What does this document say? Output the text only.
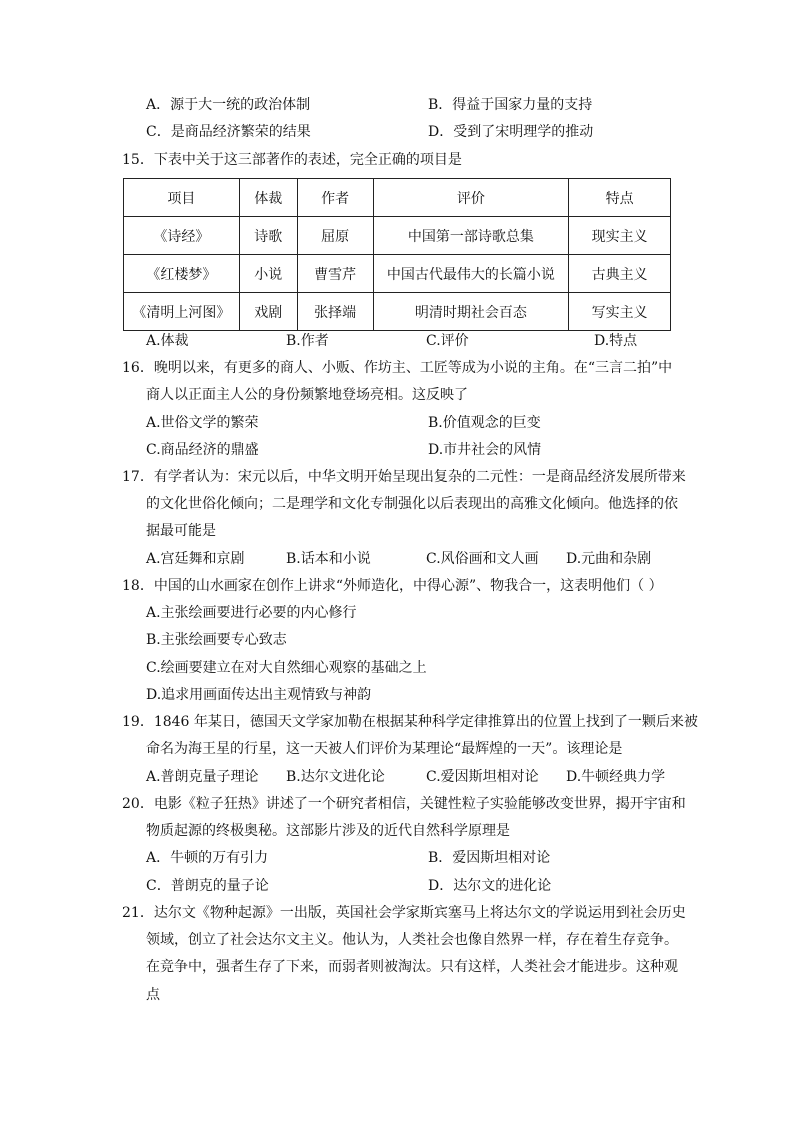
A．源于大一统的政治体制	B．得益于国家力量的支持
C．是商品经济繁荣的结果	D．受到了宋明理学的推动
15．下表中关于这三部著作的表述，完全正确的项目是
项目	体裁	作者	评价	特点
《诗经》	诗歌	屈原	中国第一部诗歌总集	现实主义
《红楼梦》	小说	曹雪芹	中国古代最伟大的长篇小说	古典主义
《清明上河图》	戏剧	张择端	明清时期社会百态	写实主义
A.体裁	B.作者	C.评价	D.特点
16．晚明以来，有更多的商人、小贩、作坊主、工匠等成为小说的主角。在“三言二拍”中
商人以正面主人公的身份频繁地登场亮相。这反映了
A.世俗文学的繁荣	B.价值观念的巨变
C.商品经济的鼎盛	D.市井社会的风情
17．有学者认为：宋元以后，中华文明开始呈现出复杂的二元性：一是商品经济发展所带来
的文化世俗化倾向；二是理学和文化专制强化以后表现出的高雅文化倾向。他选择的依
据最可能是
A.宫廷舞和京剧	B.话本和小说	C.风俗画和文人画 D.元曲和杂剧
18．中国的山水画家在创作上讲求“外师造化，中得心源”、物我合一，这表明他们（ ）
A.主张绘画要进行必要的内心修行
B.主张绘画要专心致志
C.绘画要建立在对大自然细心观察的基础之上
D.追求用画面传达出主观情致与神韵
19．1846 年某日，德国天文学家加勒在根据某种科学定律推算出的位置上找到了一颗后来被
命名为海王星的行星，这一天被人们评价为某理论“最辉煌的一天”。该理论是
A.普朗克量子理论 B.达尔文进化论	C.爱因斯坦相对论 D.牛顿经典力学
20．电影《粒子狂热》讲述了一个研究者相信，关键性粒子实验能够改变世界，揭开宇宙和
物质起源的终极奥秘。这部影片涉及的近代自然科学原理是
A．牛顿的万有引力	B．爱因斯坦相对论
C．普朗克的量子论	D．达尔文的进化论
21．达尔文《物种起源》一出版，英国社会学家斯宾塞马上将达尔文的学说运用到社会历史
领域，创立了社会达尔文主义。他认为，人类社会也像自然界一样，存在着生存竞争。
在竞争中，强者生存了下来，而弱者则被淘汰。只有这样，人类社会才能进步。这种观
点
